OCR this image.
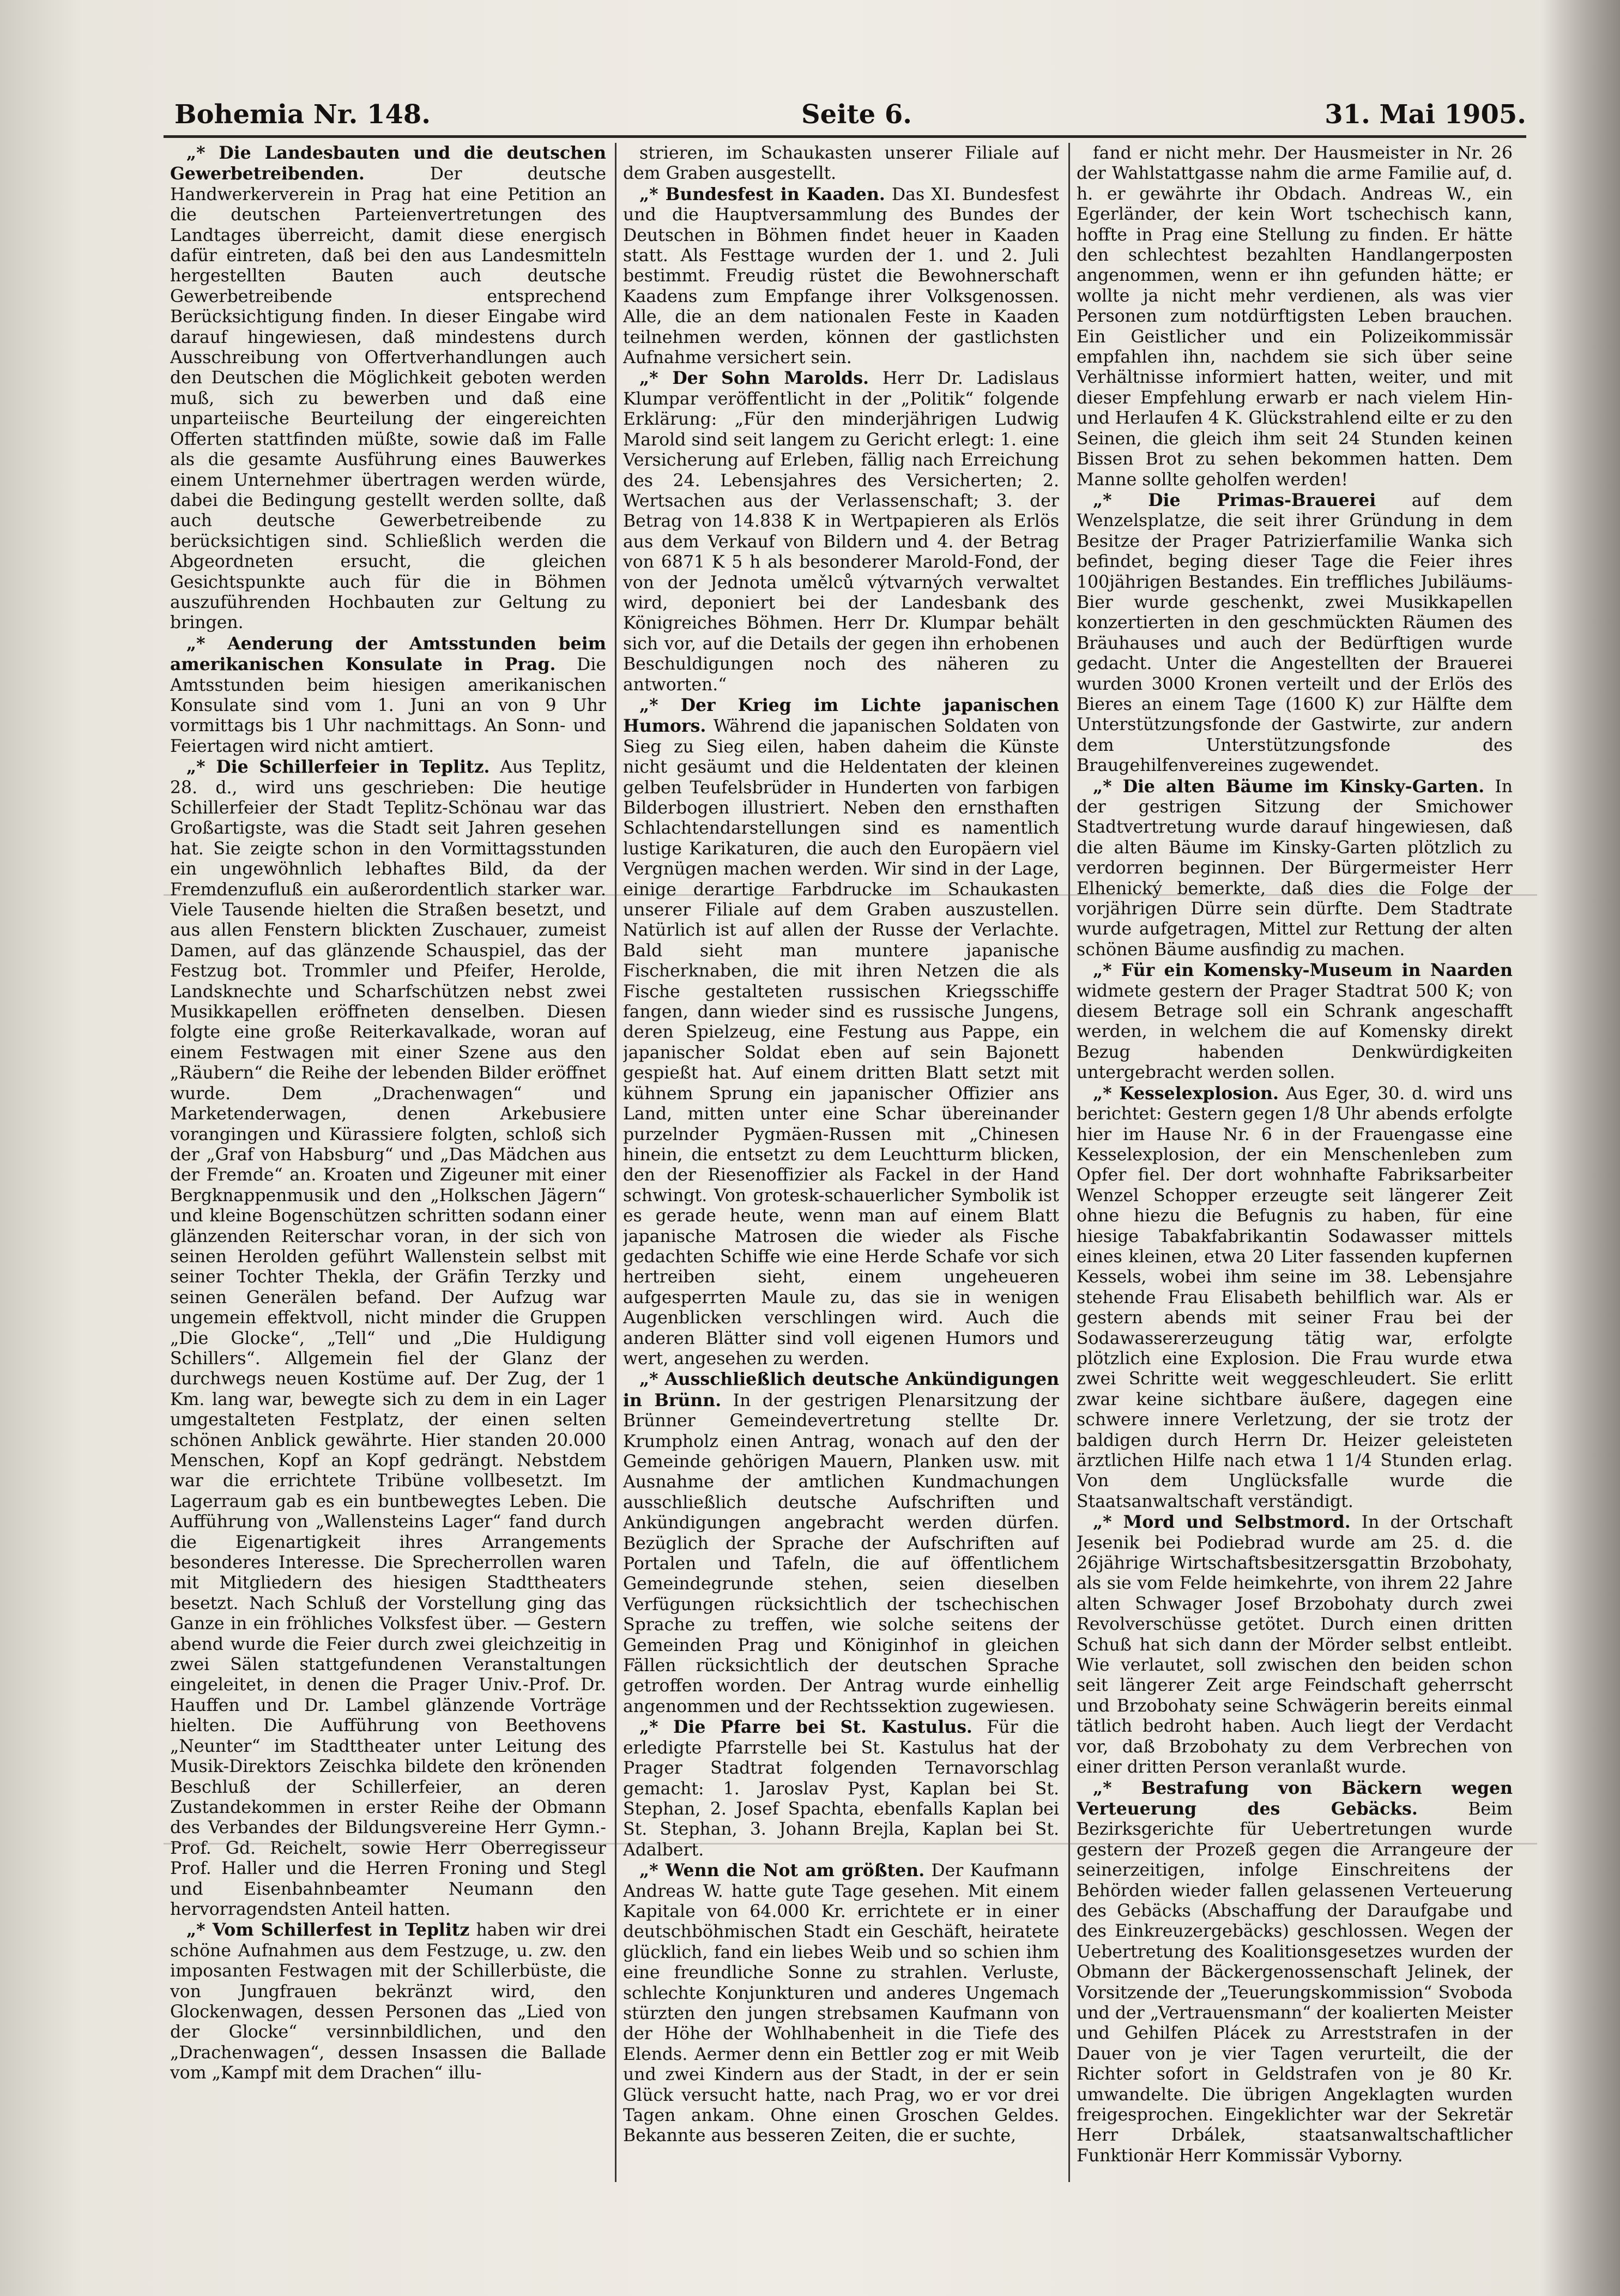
Bohemia Nr. 148.	Seite 6.	31. Mai 1905.

„* Die Landesbauten und die deutschen Gewerbetreibenden.	Der deutsche Handwerkerverein in Prag hat eine Petition an die deutschen Parteienvertretungen des Landtages überreicht, damit diese energisch dafür eintreten, daß bei den aus Landesmitteln hergestellten Bauten auch deutsche Gewerbetreibende entsprechend Berücksichtigung finden. In dieser Eingabe wird darauf hingewiesen, daß mindestens durch Ausschreibung von Offertverhandlungen auch den Deutschen die Möglichkeit geboten werden muß, sich zu bewerben und daß eine unparteiische Beurteilung der eingereichten Offerten stattfinden müßte, sowie daß im Falle als die gesamte Ausführung eines Bauwerkes einem Unternehmer übertragen werden würde, dabei die Bedingung gestellt werden sollte, daß auch deutsche Gewerbetreibende zu berücksichtigen sind. Schließlich werden die Abgeordneten ersucht, die gleichen Gesichtspunkte auch für die in Böhmen auszuführenden Hochbauten zur Geltung zu bringen.

„* Aenderung der Amtsstunden beim amerikanischen Konsulate in Prag. Die Amtsstunden beim hiesigen amerikanischen Konsulate sind vom 1. Juni an von 9 Uhr vormittags bis 1 Uhr nachmittags. An Sonn- und Feiertagen wird nicht amtiert.

„* Die Schillerfeier in Teplitz. Aus Teplitz, 28. d., wird uns geschrieben: Die heutige Schillerfeier der Stadt Teplitz-Schönau war das Großartigste, was die Stadt seit Jahren gesehen hat. Sie zeigte schon in den Vormittagsstunden ein ungewöhnlich lebhaftes Bild, da der Fremdenzufluß ein außerordentlich starker war. Viele Tausende hielten die Straßen besetzt, und aus allen Fenstern blickten Zuschauer, zumeist Damen, auf das glänzende Schauspiel, das der Festzug bot. Trommler und Pfeifer, Herolde, Landsknechte und Scharfschützen nebst zwei Musikkapellen eröffneten denselben. Diesen folgte eine große Reiterkavalkade, woran auf einem Festwagen mit einer Szene aus den „Räubern“ die Reihe der lebenden Bilder eröffnet wurde. Dem „Drachenwagen“ und Marketenderwagen, denen Arkebusiere vorangingen und Kürassiere folgten, schloß sich der „Graf von Habsburg“ und „Das Mädchen aus der Fremde“ an. Kroaten und Zigeuner mit einer Bergknappenmusik und den „Holkschen Jägern“ und kleine Bogenschützen schritten sodann einer glänzenden Reiterschar voran, in der sich von seinen Herolden geführt Wallenstein selbst mit seiner Tochter Thekla, der Gräfin Terzky und seinen Generälen befand. Der Aufzug war ungemein effektvoll, nicht minder die Gruppen „Die Glocke“, „Tell“ und „Die Huldigung Schillers“. Allgemein fiel der Glanz der durchwegs neuen Kostüme auf. Der Zug, der 1 Km. lang war, bewegte sich zu dem in ein Lager umgestalteten Festplatz, der einen selten schönen Anblick gewährte. Hier standen 20.000 Menschen, Kopf an Kopf gedrängt. Nebstdem war die errichtete Tribüne vollbesetzt. Im Lagerraum gab es ein buntbewegtes Leben. Die Aufführung von „Wallensteins Lager“ fand durch die Eigenartigkeit ihres Arrangements besonderes Interesse. Die Sprecherrollen waren mit Mitgliedern des hiesigen Stadttheaters besetzt. Nach Schluß der Vorstellung ging das Ganze in ein fröhliches Volksfest über. — Gestern abend wurde die Feier durch zwei gleichzeitig in zwei Sälen stattgefundenen Veranstaltungen eingeleitet, in denen die Prager Univ.-Prof. Dr. Hauffen und Dr. Lambel glänzende Vorträge hielten. Die Aufführung von Beethovens „Neunter“ im Stadttheater unter Leitung des Musik-Direktors Zeischka bildete den krönenden Beschluß der Schillerfeier, an deren Zustandekommen in erster Reihe der Obmann des Verbandes der Bildungsvereine Herr Gymn.-Prof. Gd. Reichelt, sowie Herr Oberregisseur Prof. Haller und die Herren Froning und Stegl und Eisenbahnbeamter Neumann den hervorragendsten Anteil hatten.

„* Vom Schillerfest in Teplitz haben wir drei schöne Aufnahmen aus dem Festzuge, u. zw. den imposanten Festwagen mit der Schillerbüste, die von Jungfrauen bekränzt wird, den Glockenwagen, dessen Personen das „Lied von der Glocke“ versinnbildlichen, und den „Drachenwagen“, dessen Insassen die Ballade vom „Kampf mit dem Drachen“ illu-

strieren, im Schaukasten unserer Filiale auf dem Graben ausgestellt.

„* Bundesfest in Kaaden. Das XI. Bundesfest und die Hauptversammlung des Bundes der Deutschen in Böhmen findet heuer in Kaaden statt. Als Festtage wurden der 1. und 2. Juli bestimmt. Freudig rüstet die Bewohnerschaft Kaadens zum Empfange ihrer Volksgenossen. Alle, die an dem nationalen Feste in Kaaden teilnehmen werden, können der gastlichsten Aufnahme versichert sein.

„* Der Sohn Marolds. Herr Dr. Ladislaus Klumpar veröffentlicht in der „Politik“ folgende Erklärung: „Für den minderjährigen Ludwig Marold sind seit langem zu Gericht erlegt: 1. eine Versicherung auf Erleben, fällig nach Erreichung des 24. Lebensjahres des Versicherten; 2. Wertsachen aus der Verlassenschaft; 3. der Betrag von 14.838 K in Wertpapieren als Erlös aus dem Verkauf von Bildern und 4. der Betrag von 6871 K 5 h als besonderer Marold-Fond, der von der Jednota umělců výtvarných verwaltet wird, deponiert bei der Landesbank des Königreiches Böhmen. Herr Dr. Klumpar behält sich vor, auf die Details der gegen ihn erhobenen Beschuldigungen noch des näheren zu antworten.“

„* Der Krieg im Lichte japanischen Humors. Während die japanischen Soldaten von Sieg zu Sieg eilen, haben daheim die Künste nicht gesäumt und die Heldentaten der kleinen gelben Teufelsbrüder in Hunderten von farbigen Bilderbogen illustriert. Neben den ernsthaften Schlachtendarstellungen sind es namentlich lustige Karikaturen, die auch den Europäern viel Vergnügen machen werden. Wir sind in der Lage, einige derartige Farbdrucke im Schaukasten unserer Filiale auf dem Graben auszustellen. Natürlich ist auf allen der Russe der Verlachte. Bald sieht man muntere japanische Fischerknaben, die mit ihren Netzen die als Fische gestalteten russischen Kriegsschiffe fangen, dann wieder sind es russische Jungens, deren Spielzeug, eine Festung aus Pappe, ein japanischer Soldat eben auf sein Bajonett gespießt hat. Auf einem dritten Blatt setzt mit kühnem Sprung ein japanischer Offizier ans Land, mitten unter eine Schar übereinander purzelnder Pygmäen-Russen mit „Chinesen hinein, die entsetzt zu dem Leuchtturm blicken, den der Riesenoffizier als Fackel in der Hand schwingt. Von grotesk-schauerlicher Symbolik ist es gerade heute, wenn man auf einem Blatt japanische Matrosen die wieder als Fische gedachten Schiffe wie eine Herde Schafe vor sich hertreiben sieht, einem ungeheueren aufgesperrten Maule zu, das sie in wenigen Augenblicken verschlingen wird. Auch die anderen Blätter sind voll eigenen Humors und wert, angesehen zu werden.

„* Ausschließlich deutsche Ankündigungen in Brünn. In der gestrigen Plenarsitzung der Brünner Gemeindevertretung stellte Dr. Krumpholz einen Antrag, wonach auf den der Gemeinde gehörigen Mauern, Planken usw. mit Ausnahme der amtlichen Kundmachungen ausschließlich deutsche Aufschriften und Ankündigungen angebracht werden dürfen. Bezüglich der Sprache der Aufschriften auf Portalen und Tafeln, die auf öffentlichem Gemeindegrunde stehen, seien dieselben Verfügungen rücksichtlich der tschechischen Sprache zu treffen, wie solche seitens der Gemeinden Prag und Königinhof in gleichen Fällen rücksichtlich der deutschen Sprache getroffen worden. Der Antrag wurde einhellig angenommen und der Rechtssektion zugewiesen.

„* Die Pfarre bei St. Kastulus. Für die erledigte Pfarrstelle bei St. Kastulus hat der Prager Stadtrat folgenden Ternavorschlag gemacht: 1. Jaroslav Pyst, Kaplan bei St. Stephan, 2. Josef Spachta, ebenfalls Kaplan bei St. Stephan, 3. Johann Brejla, Kaplan bei St. Adalbert.

„* Wenn die Not am größten. Der Kaufmann Andreas W. hatte gute Tage gesehen. Mit einem Kapitale von 64.000 Kr. errichtete er in einer deutschböhmischen Stadt ein Geschäft, heiratete glücklich, fand ein liebes Weib und so schien ihm eine freundliche Sonne zu strahlen. Verluste, schlechte Konjunkturen und anderes Ungemach stürzten den jungen strebsamen Kaufmann von der Höhe der Wohlhabenheit in die Tiefe des Elends. Aermer denn ein Bettler zog er mit Weib und zwei Kindern aus der Stadt, in der er sein Glück versucht hatte, nach Prag, wo er vor drei Tagen ankam. Ohne einen Groschen Geldes. Bekannte aus besseren Zeiten, die er suchte,

fand er nicht mehr. Der Hausmeister in Nr. 26 der Wahlstattgasse nahm die arme Familie auf, d. h. er gewährte ihr Obdach. Andreas W., ein Egerländer, der kein Wort tschechisch kann, hoffte in Prag eine Stellung zu finden. Er hätte den schlechtest bezahlten Handlangerposten angenommen, wenn er ihn gefunden hätte; er wollte ja nicht mehr verdienen, als was vier Personen zum notdürftigsten Leben brauchen. Ein Geistlicher und ein Polizeikommissär empfahlen ihn, nachdem sie sich über seine Verhältnisse informiert hatten, weiter, und mit dieser Empfehlung erwarb er nach vielem Hin- und Herlaufen 4 K. Glückstrahlend eilte er zu den Seinen, die gleich ihm seit 24 Stunden keinen Bissen Brot zu sehen bekommen hatten. Dem Manne sollte geholfen werden!

„* Die Primas-Brauerei auf dem Wenzelsplatze, die seit ihrer Gründung in dem Besitze der Prager Patrizierfamilie Wanka sich befindet, beging dieser Tage die Feier ihres 100jährigen Bestandes. Ein treffliches Jubiläums-Bier wurde geschenkt, zwei Musikkapellen konzertierten in den geschmückten Räumen des Bräuhauses und auch der Bedürftigen wurde gedacht. Unter die Angestellten der Brauerei wurden 3000 Kronen verteilt und der Erlös des Bieres an einem Tage (1600 K) zur Hälfte dem Unterstützungsfonde der Gastwirte, zur andern dem Unterstützungsfonde des Braugehilfenvereines zugewendet.

„* Die alten Bäume im Kinsky-Garten. In der gestrigen Sitzung der Smichower Stadtvertretung wurde darauf hingewiesen, daß die alten Bäume im Kinsky-Garten plötzlich zu verdorren beginnen. Der Bürgermeister Herr Elhenický bemerkte, daß dies die Folge der vorjährigen Dürre sein dürfte. Dem Stadtrate wurde aufgetragen, Mittel zur Rettung der alten schönen Bäume ausfindig zu machen.

„* Für ein Komensky-Museum in Naarden widmete gestern der Prager Stadtrat 500 K; von diesem Betrage soll ein Schrank angeschafft werden, in welchem die auf Komensky direkt Bezug habenden Denkwürdigkeiten untergebracht werden sollen.

„* Kesselexplosion. Aus Eger, 30. d. wird uns berichtet: Gestern gegen 1/8 Uhr abends erfolgte hier im Hause Nr. 6 in der Frauengasse eine Kesselexplosion, der ein Menschenleben zum Opfer fiel. Der dort wohnhafte Fabriksarbeiter Wenzel Schopper erzeugte seit längerer Zeit ohne hiezu die Befugnis zu haben, für eine hiesige Tabakfabrikantin Sodawasser mittels eines kleinen, etwa 20 Liter fassenden kupfernen Kessels, wobei ihm seine im 38. Lebensjahre stehende Frau Elisabeth behilflich war. Als er gestern abends mit seiner Frau bei der Sodawassererzeugung tätig war, erfolgte plötzlich eine Explosion. Die Frau wurde etwa zwei Schritte weit weggeschleudert. Sie erlitt zwar keine sichtbare äußere, dagegen eine schwere innere Verletzung, der sie trotz der baldigen durch Herrn Dr. Heizer geleisteten ärztlichen Hilfe nach etwa 1 1/4 Stunden erlag. Von dem Unglücksfalle wurde die Staatsanwaltschaft verständigt.

„* Mord und Selbstmord. In der Ortschaft Jesenik bei Podiebrad wurde am 25. d. die 26jährige Wirtschaftsbesitzersgattin Brzobohaty, als sie vom Felde heimkehrte, von ihrem 22 Jahre alten Schwager Josef Brzobohaty durch zwei Revolverschüsse getötet. Durch einen dritten Schuß hat sich dann der Mörder selbst entleibt. Wie verlautet, soll zwischen den beiden schon seit längerer Zeit arge Feindschaft geherrscht und Brzobohaty seine Schwägerin bereits einmal tätlich bedroht haben. Auch liegt der Verdacht vor, daß Brzobohaty zu dem Verbrechen von einer dritten Person veranlaßt wurde.

„* Bestrafung von Bäckern wegen Verteuerung des Gebäcks.	Beim Bezirksgerichte für Uebertretungen wurde gestern der Prozeß gegen die Arrangeure der seinerzeitigen, infolge Einschreitens der Behörden wieder fallen gelassenen Verteuerung des Gebäcks (Abschaffung der Daraufgabe und des Einkreuzergebäcks) geschlossen. Wegen der Uebertretung des Koalitionsgesetzes wurden der Obmann der Bäckergenossenschaft Jelinek, der Vorsitzende der „Teuerungskommission“ Svoboda und der „Vertrauensmann“ der koalierten Meister und Gehilfen Plácek zu Arreststrafen in der Dauer von je vier Tagen verurteilt, die der Richter sofort in Geldstrafen von je 80 Kr. umwandelte. Die übrigen Angeklagten wurden freigesprochen. Eingeklichter war der Sekretär Herr Drbálek, staatsanwaltschaftlicher Funktionär Herr Kommissär Vyborny.
